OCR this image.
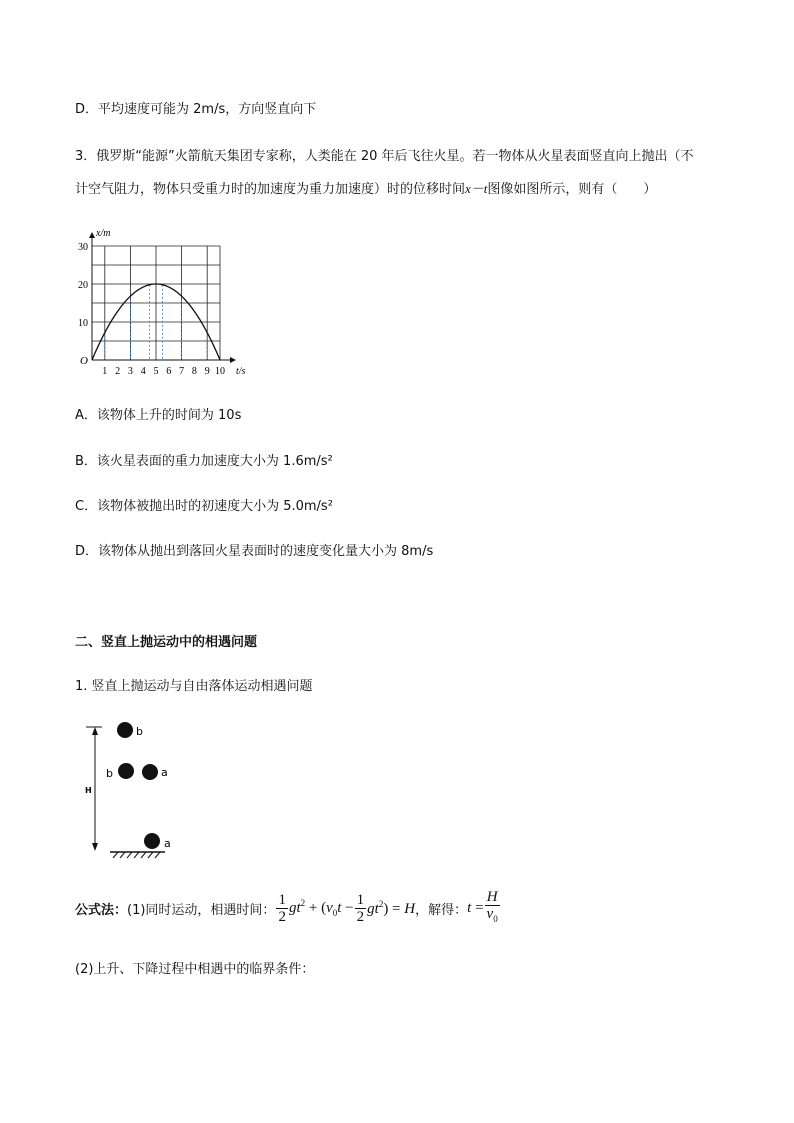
D．平均速度可能为 2m/s，方向竖直向下
3．俄罗斯“能源”火箭航天集团专家称，人类能在 20 年后飞往火星。若一物体从火星表面竖直向上抛出（不
计空气阻力，物体只受重力时的加速度为重力加速度）时的位移时间x－t图像如图所示，则有（　　）
1 2 3 4 5 6 7 8 9 10
10
20
30
O
t/s
x/m
A．该物体上升的时间为 10s
B．该火星表面的重力加速度大小为 1.6m/s²
C．该物体被抛出时的初速度大小为 5.0m/s²
D．该物体从抛出到落回火星表面时的速度变化量大小为 8m/s
二、竖直上抛运动中的相遇问题
1. 竖直上抛运动与自由落体运动相遇问题
H
b
b	a
a
公式法： (1)同时运动，相遇时间： $\frac{1}{2} gt^2 + (v_0t - \frac{1}{2} gt^2) = H$ ，解得： $t = \frac{H}{v_0}$
(2)上升、下降过程中相遇中的临界条件：
